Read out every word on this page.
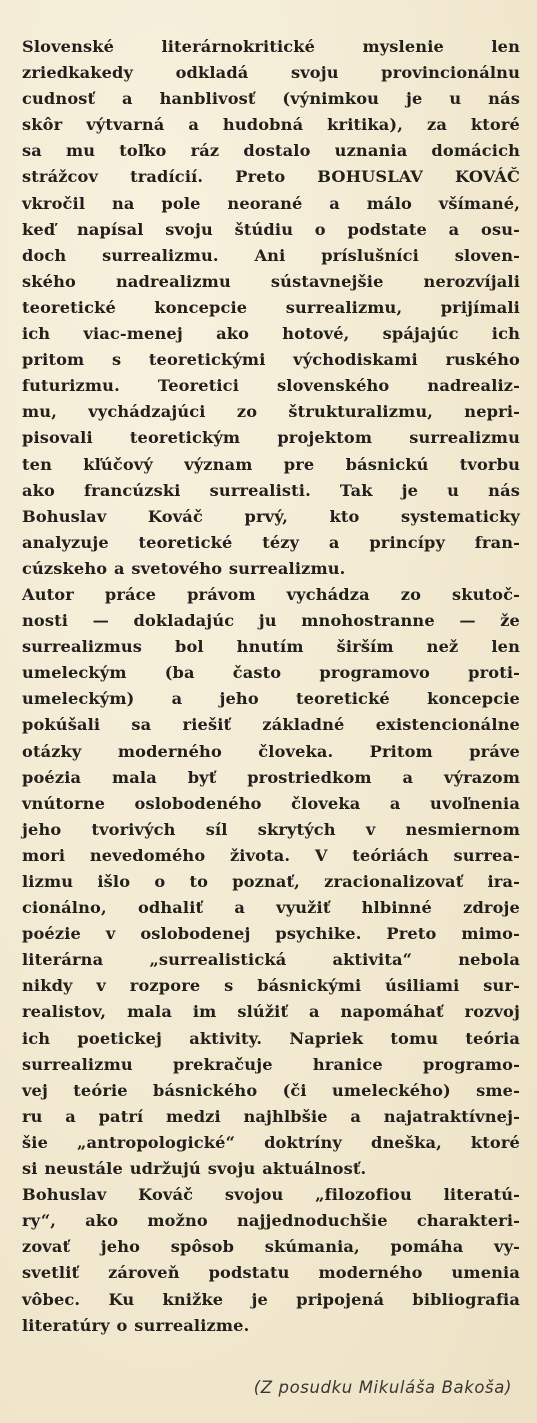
Slovenské literárnokritické myslenie len
zriedkakedy odkladá svoju provincionálnu
cudnosť a hanblivosť (výnimkou je u nás
skôr výtvarná a hudobná kritika), za ktoré
sa mu toľko ráz dostalo uznania domácich
strážcov tradícií. Preto BOHUSLAV KOVÁČ
vkročil na pole neorané a málo všímané,
keď napísal svoju štúdiu o podstate a osu-
doch surrealizmu. Ani príslušníci sloven-
ského nadrealizmu sústavnejšie nerozvíjali
teoretické koncepcie surrealizmu, prijímali
ich viac-menej ako hotové, spájajúc ich
pritom s teoretickými východiskami ruského
futurizmu. Teoretici slovenského nadrealiz-
mu, vychádzajúci zo štrukturalizmu, nepri-
pisovali teoretickým projektom surrealizmu
ten kľúčový význam pre básnickú tvorbu
ako francúzski surrealisti. Tak je u nás
Bohuslav Kováč prvý, kto systematicky
analyzuje teoretické tézy a princípy fran-
cúzskeho a svetového surrealizmu.

Autor práce právom vychádza zo skutoč-
nosti — dokladajúc ju mnohostranne — že
surrealizmus bol hnutím širším než len
umeleckým (ba často programovo proti-
umeleckým) a jeho teoretické koncepcie
pokúšali sa riešiť základné existencionálne
otázky moderného človeka. Pritom práve
poézia mala byť prostriedkom a výrazom
vnútorne oslobodeného človeka a uvoľnenia
jeho tvorivých síl skrytých v nesmiernom
mori nevedomého života. V teóriách surrea-
lizmu išlo o to poznať, zracionalizovať ira-
cionálno, odhaliť a využiť hlbinné zdroje
poézie v oslobodenej psychike. Preto mimo-
literárna „surrealistická aktivita“ nebola
nikdy v rozpore s básnickými úsiliami sur-
realistov, mala im slúžiť a napomáhať rozvoj
ich poetickej aktivity. Napriek tomu teória
surrealizmu prekračuje hranice programo-
vej teórie básnického (či umeleckého) sme-
ru a patrí medzi najhlbšie a najatraktívnej-
šie „antropologické“ doktríny dneška, ktoré
si neustále udržujú svoju aktuálnosť.

Bohuslav Kováč svojou „filozofiou literatú-
ry“, ako možno najjednoduchšie charakteri-
zovať jeho spôsob skúmania, pomáha vy-
svetliť zároveň podstatu moderného umenia
vôbec. Ku knižke je pripojená bibliografia
literatúry o surrealizme.

(Z posudku Mikuláša Bakoša)
